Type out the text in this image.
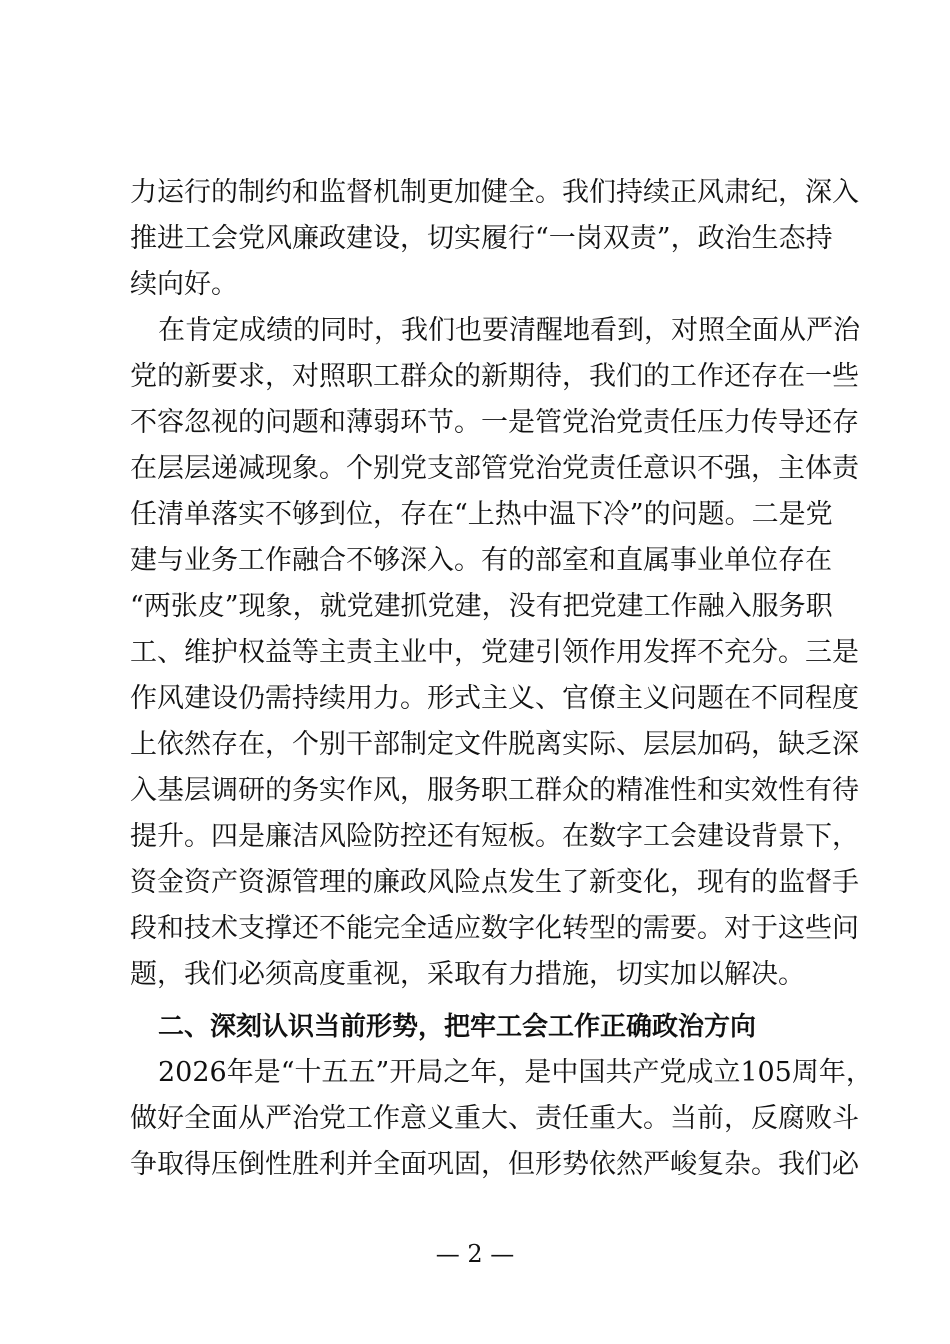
力运行的制约和监督机制更加健全。我们持续正风肃纪，深入
推进工会党风廉政建设，切实履行“一岗双责”，政治生态持
续向好。
在肯定成绩的同时，我们也要清醒地看到，对照全面从严治
党的新要求，对照职工群众的新期待，我们的工作还存在一些
不容忽视的问题和薄弱环节。一是管党治党责任压力传导还存
在层层递减现象。个别党支部管党治党责任意识不强，主体责
任清单落实不够到位，存在“上热中温下冷”的问题。二是党
建与业务工作融合不够深入。有的部室和直属事业单位存在
“两张皮”现象，就党建抓党建，没有把党建工作融入服务职
工、维护权益等主责主业中，党建引领作用发挥不充分。三是
作风建设仍需持续用力。形式主义、官僚主义问题在不同程度
上依然存在，个别干部制定文件脱离实际、层层加码，缺乏深
入基层调研的务实作风，服务职工群众的精准性和实效性有待
提升。四是廉洁风险防控还有短板。在数字工会建设背景下，
资金资产资源管理的廉政风险点发生了新变化，现有的监督手
段和技术支撑还不能完全适应数字化转型的需要。对于这些问
题，我们必须高度重视，采取有力措施，切实加以解决。
二、深刻认识当前形势，把牢工会工作正确政治方向
2026年是“十五五”开局之年，是中国共产党成立105周年，
做好全面从严治党工作意义重大、责任重大。当前，反腐败斗
争取得压倒性胜利并全面巩固，但形势依然严峻复杂。我们必
— 2 —
